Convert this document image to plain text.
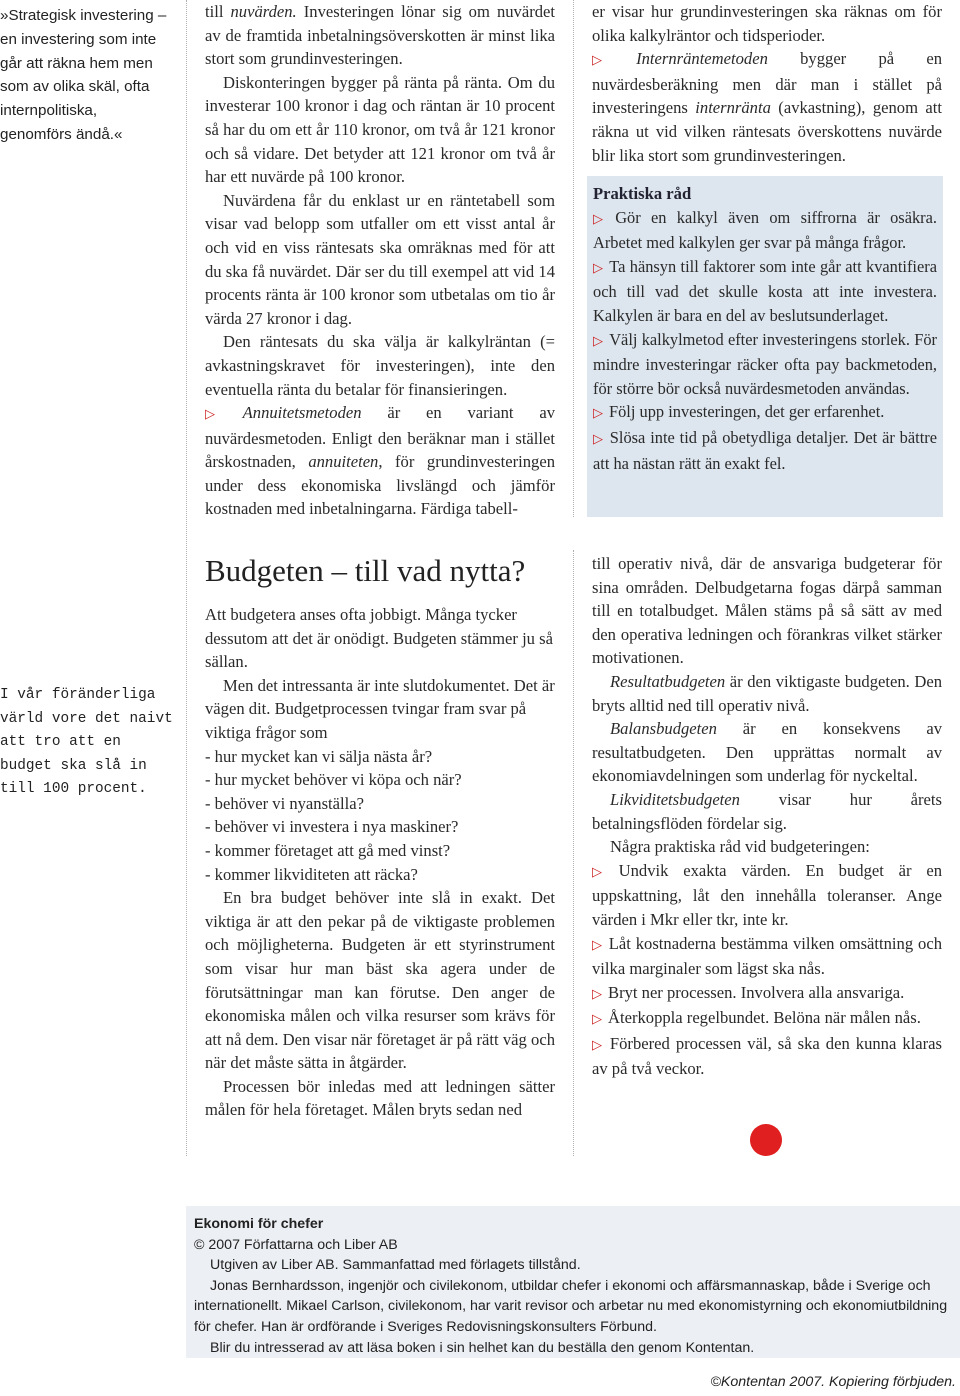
»Strategisk investering – en investering som inte går att räkna hem men som av olika skäl, ofta internpolitiska, genomförs ändå.«
I vår föränderliga värld vore det naivt att tro att en budget ska slå in till 100 procent.

till nuvärden. Investeringen lönar sig om nuvärdet av de framtida inbetalningsöverskotten är minst lika stort som grundinvesteringen.

Diskonteringen bygger på ränta på ränta. Om du investerar 100 kronor i dag och räntan är 10 procent så har du om ett år 110 kronor, om två år 121 kronor och så vidare. Det betyder att 121 kronor om två år har ett nuvärde på 100 kronor.

Nuvärdena får du enklast ur en räntetabell som visar vad belopp som utfaller om ett visst antal år och vid en viss räntesats ska omräknas med för att du ska få nuvärdet. Där ser du till exempel att vid 14 procents ränta är 100 kronor som utbetalas om tio år värda 27 kronor i dag.

Den räntesats du ska välja är kalkylräntan (= avkastningskravet för investeringen), inte den eventuella ränta du betalar för finansieringen.

▷ Annuitetsmetoden är en variant av nuvärdesmetoden. Enligt den beräknar man i stället årskostnaden, annuiteten, för grundinvesteringen under dess ekonomiska livslängd och jämför kostnaden med inbetalningarna. Färdiga tabell-

er visar hur grundinvesteringen ska räknas om för olika kalkylräntor och tidsperioder.

▷ Internräntemetoden bygger på en nuvärdesberäkning men där man i stället på investeringens internränta (avkastning), genom att räkna ut vid vilken räntesats överskottens nuvärde blir lika stort som grundinvesteringen.

Praktiska råd

▷ Gör en kalkyl även om siffrorna är osäkra. Arbetet med kalkylen ger svar på många frågor.

▷ Ta hänsyn till faktorer som inte går att kvantifiera och till vad det skulle kosta att inte investera. Kalkylen är bara en del av beslutsunderlaget.

▷ Välj kalkylmetod efter investeringens storlek. För mindre investeringar räcker ofta pay backmetoden, för större bör också nuvärdesmetoden användas.

▷ Följ upp investeringen, det ger erfarenhet.

▷ Slösa inte tid på obetydliga detaljer. Det är bättre att ha nästan rätt än exakt fel.

Budgeten – till vad nytta?

Att budgetera anses ofta jobbigt. Många tycker dessutom att det är onödigt. Budgeten stämmer ju så sällan.

Men det intressanta är inte slutdokumentet. Det är vägen dit. Budgetprocessen tvingar fram svar på viktiga frågor som

- hur mycket kan vi sälja nästa år?

- hur mycket behöver vi köpa och när?

- behöver vi nyanställa?

- behöver vi investera i nya maskiner?

- kommer företaget att gå med vinst?

- kommer likviditeten att räcka?

En bra budget behöver inte slå in exakt. Det viktiga är att den pekar på de viktigaste problemen och möjligheterna. Budgeten är ett styrinstrument som visar hur man bäst ska agera under de förutsättningar man kan förutse. Den anger de ekonomiska målen och vilka resurser som krävs för att nå dem. Den visar när företaget är på rätt väg och när det måste sätta in åtgärder.

Processen bör inledas med att ledningen sätter målen för hela företaget. Målen bryts sedan ned

till operativ nivå, där de ansvariga budgeterar för sina områden. Delbudgetarna fogas därpå samman till en totalbudget. Målen stäms på så sätt av med den operativa ledningen och förankras vilket stärker motivationen.

Resultatbudgeten är den viktigaste budgeten. Den bryts alltid ned till operativ nivå.

Balansbudgeten är en konsekvens av resultatbudgeten. Den upprättas normalt av ekonomiavdelningen som underlag för nyckeltal.

Likviditetsbudgeten visar hur årets betalningsflöden fördelar sig.

Några praktiska råd vid budgeteringen:

▷ Undvik exakta värden. En budget är en uppskattning, låt den innehålla toleranser. Ange värden i Mkr eller tkr, inte kr.

▷ Låt kostnaderna bestämma vilken omsättning och vilka marginaler som lägst ska nås.

▷ Bryt ner processen. Involvera alla ansvariga.

▷ Återkoppla regelbundet. Belöna när målen nås.

▷ Förbered processen väl, så ska den kunna klaras av på två veckor.

Ekonomi för chefer

© 2007 Författarna och Liber AB

Utgiven av Liber AB. Sammanfattad med förlagets tillstånd.

Jonas Bernhardsson, ingenjör och civilekonom, utbildar chefer i ekonomi och affärsmannaskap, både i Sverige och internationellt. Mikael Carlson, civilekonom, har varit revisor och arbetar nu med ekonomistyrning och ekonomiutbildning för chefer. Han är ordförande i Sveriges Redovisningskonsulters Förbund.

Blir du intresserad av att läsa boken i sin helhet kan du beställa den genom Kontentan.

©Kontentan 2007. Kopiering förbjuden.
